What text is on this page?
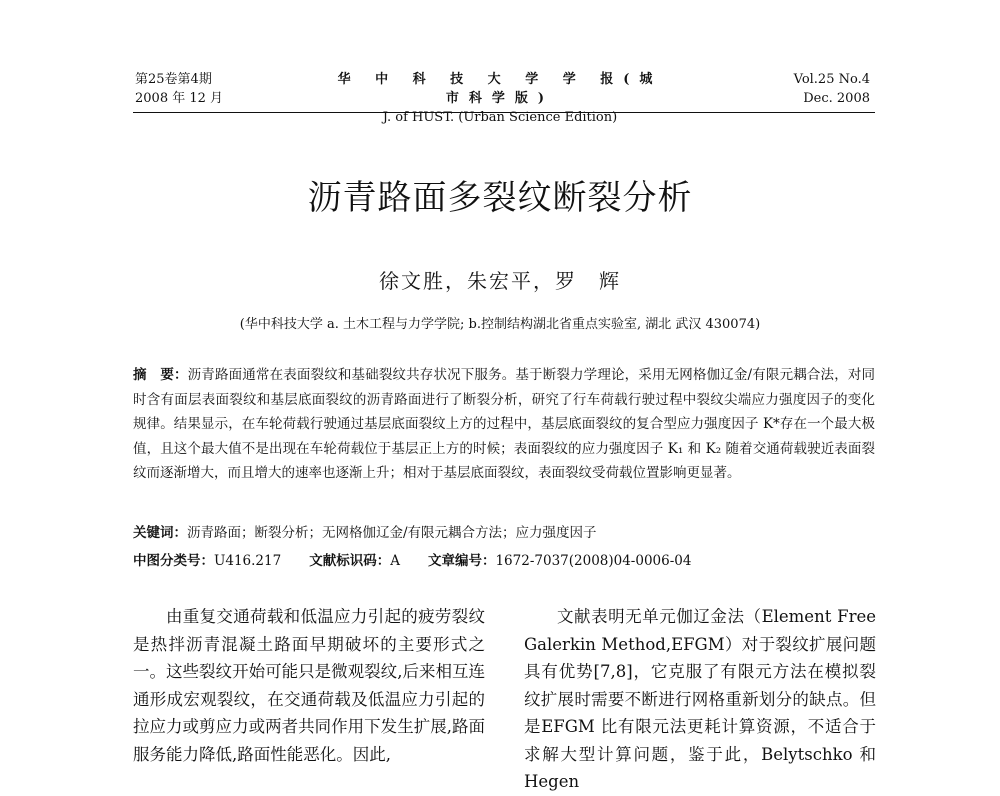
第25卷第4期
2008 年 12 月
华 中 科 技 大 学 学 报(城市科学版)
J. of HUST. (Urban Science Edition)
Vol.25 No.4
Dec. 2008
沥青路面多裂纹断裂分析
徐文胜，朱宏平，罗　辉
(华中科技大学 a. 土木工程与力学学院; b.控制结构湖北省重点实验室, 湖北 武汉 430074)
摘　要：沥青路面通常在表面裂纹和基础裂纹共存状况下服务。基于断裂力学理论，采用无网格伽辽金/有限元耦合法，对同时含有面层表面裂纹和基层底面裂纹的沥青路面进行了断裂分析，研究了行车荷载行驶过程中裂纹尖端应力强度因子的变化规律。结果显示，在车轮荷载行驶通过基层底面裂纹上方的过程中，基层底面裂纹的复合型应力强度因子 K*存在一个最大极值，且这个最大值不是出现在车轮荷载位于基层正上方的时候；表面裂纹的应力强度因子 K₁ 和 K₂ 随着交通荷载驶近表面裂纹而逐渐增大，而且增大的速率也逐渐上升；相对于基层底面裂纹，表面裂纹受荷载位置影响更显著。
关键词：沥青路面；断裂分析；无网格伽辽金/有限元耦合方法；应力强度因子
中图分类号：U416.217 文献标识码：A 文章编号：1672-7037(2008)04-0006-04

由重复交通荷载和低温应力引起的疲劳裂纹是热拌沥青混凝土路面早期破坏的主要形式之一。这些裂纹开始可能只是微观裂纹,后来相互连通形成宏观裂纹，在交通荷载及低温应力引起的拉应力或剪应力或两者共同作用下发生扩展,路面服务能力降低,路面性能恶化。因此,

文献表明无单元伽辽金法（Element Free Galerkin Method,EFGM）对于裂纹扩展问题具有优势[7,8]，它克服了有限元方法在模拟裂纹扩展时需要不断进行网格重新划分的缺点。但是EFGM 比有限元法更耗计算资源，不适合于求解大型计算问题，鉴于此，Belytschko 和 Hegen
